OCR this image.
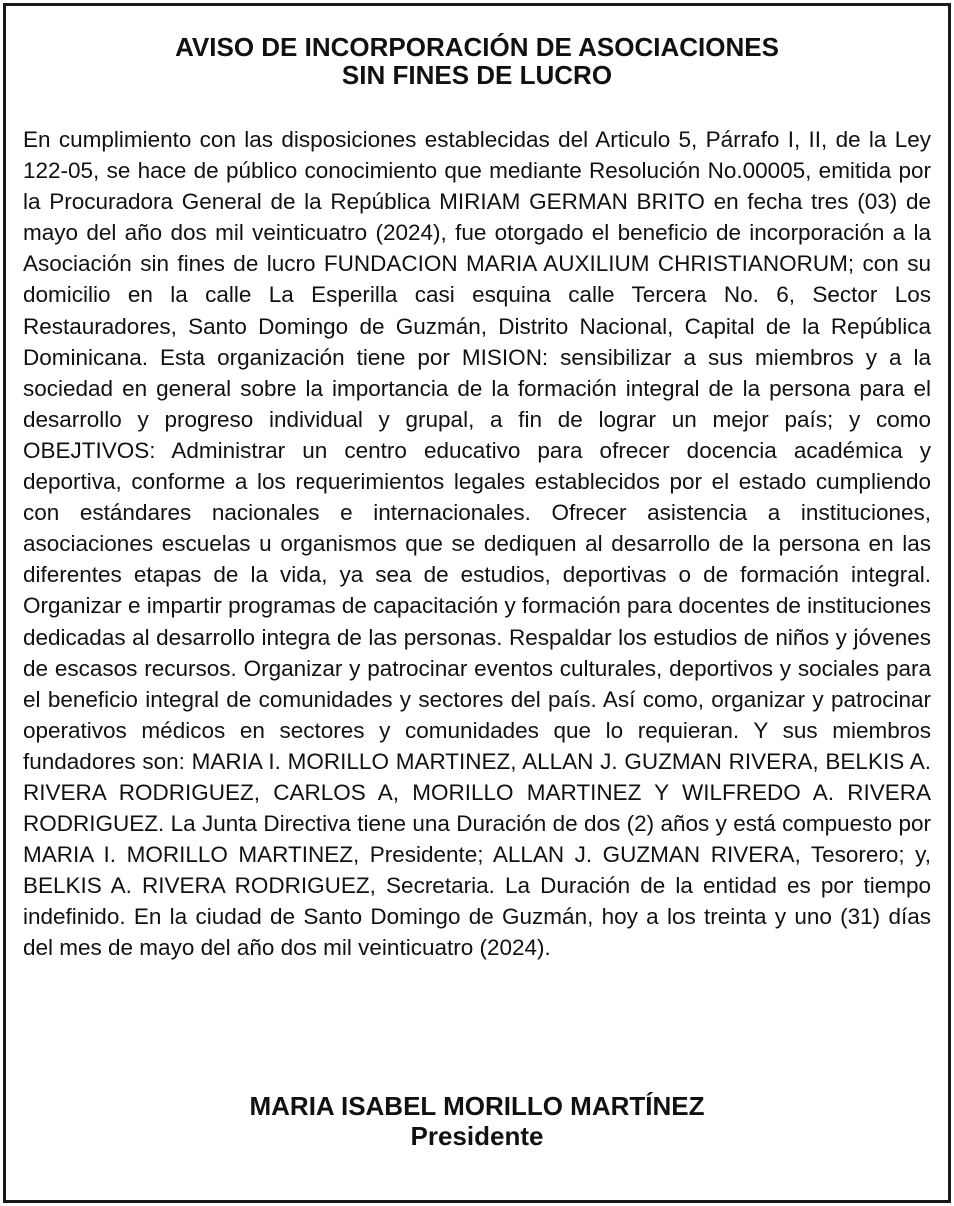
AVISO DE INCORPORACIÓN DE ASOCIACIONES
SIN FINES DE LUCRO

En cumplimiento con las disposiciones establecidas del Articulo 5, Párrafo I, II, de la Ley 122-05, se hace de público conocimiento que mediante Resolución No.00005, emitida por la Procuradora General de la República MIRIAM GERMAN BRITO en fecha tres (03) de mayo del año dos mil veinticuatro (2024), fue otorgado el beneficio de incorporación a la Asociación sin fines de lucro FUNDACION MARIA AUXILIUM CHRISTIANORUM; con su domicilio en la calle La Esperilla casi esquina calle Tercera No. 6, Sector Los Restauradores, Santo Domingo de Guzmán, Distrito Nacional, Capital de la República Dominicana. Esta organización tiene por MISION: sensibilizar a sus miembros y a la sociedad en general sobre la importancia de la formación integral de la persona para el desarrollo y progreso individual y grupal, a fin de lograr un mejor país; y como OBEJTIVOS: Administrar un centro educativo para ofrecer docencia académica y deportiva, conforme a los requerimientos legales establecidos por el estado cumpliendo con estándares nacionales e internacionales. Ofrecer asistencia a instituciones, asociaciones escuelas u organismos que se dediquen al desarrollo de la persona en las diferentes etapas de la vida, ya sea de estudios, deportivas o de formación integral. Organizar e impartir programas de capacitación y formación para docentes de instituciones dedicadas al desarrollo integra de las personas. Respaldar los estudios de niños y jóvenes de escasos recursos. Organizar y patrocinar eventos culturales, deportivos y sociales para el beneficio integral de comunidades y sectores del país. Así como, organizar y patrocinar operativos médicos en sectores y comunidades que lo requieran. Y sus miembros fundadores son: MARIA I. MORILLO MARTINEZ, ALLAN J. GUZMAN RIVERA, BELKIS A. RIVERA RODRIGUEZ, CARLOS A, MORILLO MARTINEZ Y WILFREDO A. RIVERA RODRIGUEZ. La Junta Directiva tiene una Duración de dos (2) años y está compuesto por MARIA I. MORILLO MARTINEZ, Presidente; ALLAN J. GUZMAN RIVERA, Tesorero; y, BELKIS A. RIVERA RODRIGUEZ, Secretaria. La Duración de la entidad es por tiempo indefinido. En la ciudad de Santo Domingo de Guzmán, hoy a los treinta y uno (31) días del mes de mayo del año dos mil veinticuatro (2024).

MARIA ISABEL MORILLO MARTÍNEZ
Presidente
